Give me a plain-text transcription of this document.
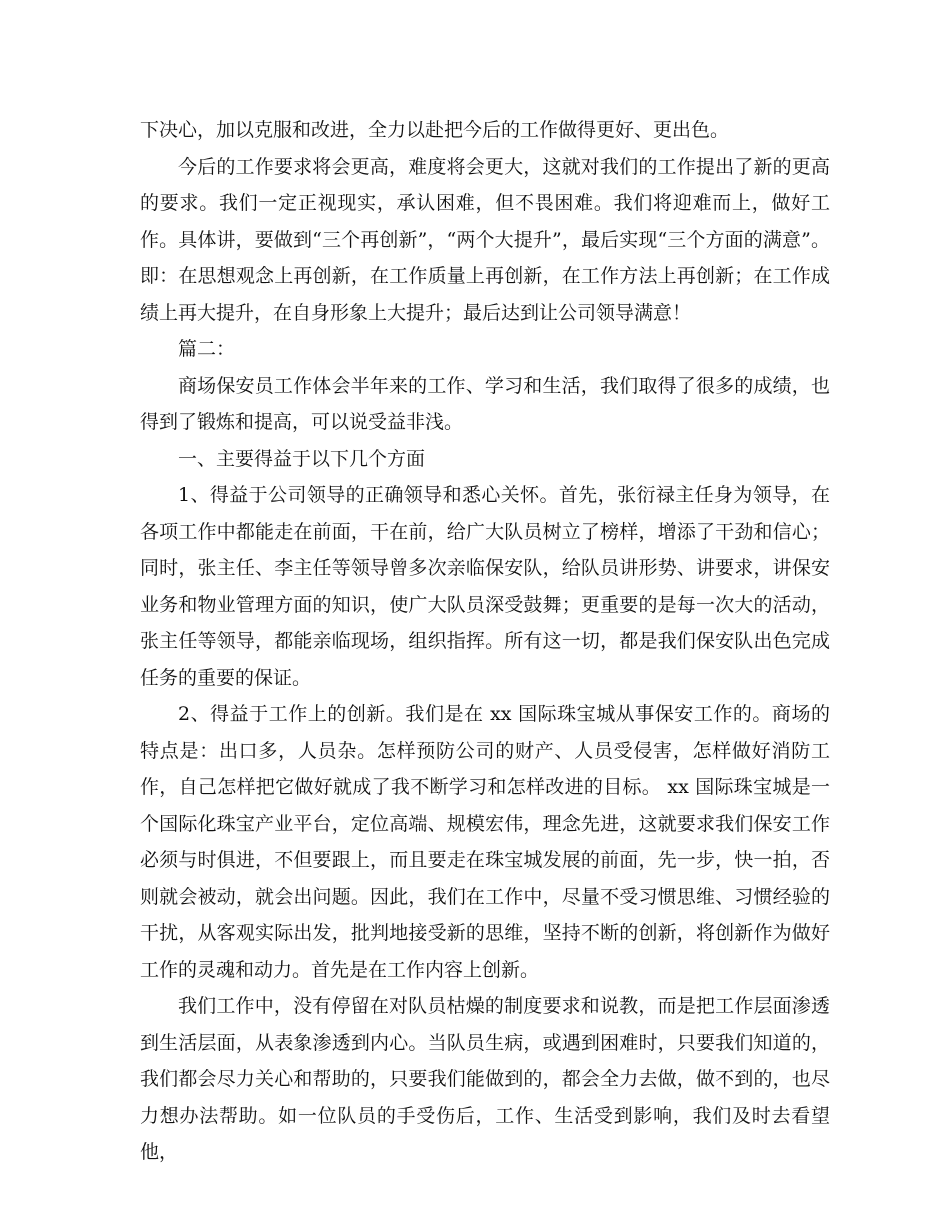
下决心，加以克服和改进，全力以赴把今后的工作做得更好、更出色。

今后的工作要求将会更高，难度将会更大，这就对我们的工作提出了新的更高的要求。我们一定正视现实，承认困难，但不畏困难。我们将迎难而上，做好工作。具体讲，要做到“三个再创新”，“两个大提升”，最后实现“三个方面的满意”。即：在思想观念上再创新，在工作质量上再创新，在工作方法上再创新；在工作成绩上再大提升，在自身形象上大提升；最后达到让公司领导满意！

篇二：

商场保安员工作体会半年来的工作、学习和生活，我们取得了很多的成绩，也得到了锻炼和提高，可以说受益非浅。

一、主要得益于以下几个方面

1、得益于公司领导的正确领导和悉心关怀。首先，张衍禄主任身为领导，在各项工作中都能走在前面，干在前，给广大队员树立了榜样，增添了干劲和信心；同时，张主任、李主任等领导曾多次亲临保安队，给队员讲形势、讲要求，讲保安业务和物业管理方面的知识，使广大队员深受鼓舞；更重要的是每一次大的活动，张主任等领导，都能亲临现场，组织指挥。所有这一切，都是我们保安队出色完成任务的重要的保证。

2、得益于工作上的创新。我们是在 xx 国际珠宝城从事保安工作的。商场的特点是：出口多，人员杂。怎样预防公司的财产、人员受侵害，怎样做好消防工作，自己怎样把它做好就成了我不断学习和怎样改进的目标。 xx 国际珠宝城是一个国际化珠宝产业平台，定位高端、规模宏伟，理念先进，这就要求我们保安工作必须与时俱进，不但要跟上，而且要走在珠宝城发展的前面，先一步，快一拍，否则就会被动，就会出问题。因此，我们在工作中，尽量不受习惯思维、习惯经验的干扰，从客观实际出发，批判地接受新的思维，坚持不断的创新，将创新作为做好工作的灵魂和动力。首先是在工作内容上创新。

我们工作中，没有停留在对队员枯燥的制度要求和说教，而是把工作层面渗透到生活层面，从表象渗透到内心。当队员生病，或遇到困难时，只要我们知道的，我们都会尽力关心和帮助的，只要我们能做到的，都会全力去做，做不到的，也尽力想办法帮助。如一位队员的手受伤后，工作、生活受到影响，我们及时去看望他，
